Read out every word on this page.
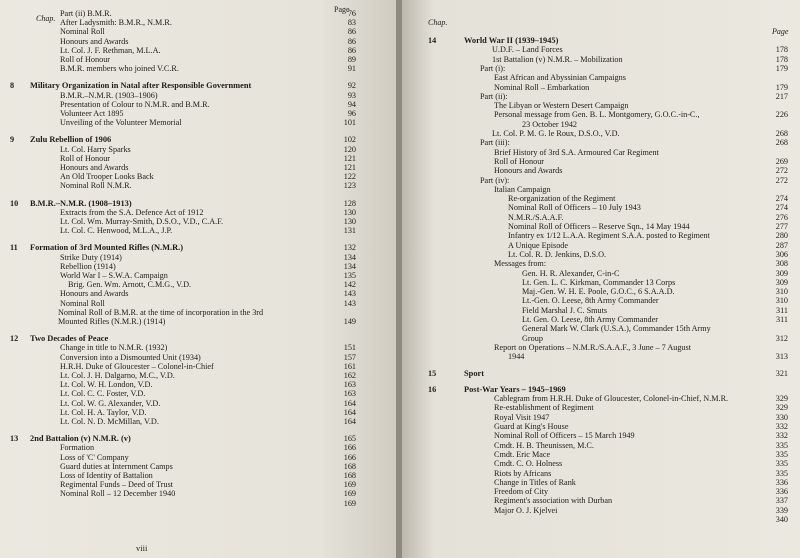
Chap.
Page
viii
Part (ii) B.M.R.	76
After Ladysmith: B.M.R., N.M.R.	83
Nominal Roll	86
Honours and Awards	86
Lt. Col. J. F. Rethman, M.L.A.	86
Roll of Honour	89
B.M.R. members who joined V.C.R.	91
8 Military Organization in Natal after Responsible Government	92
B.M.R.–N.M.R. (1903–1906)	93
Presentation of Colour to N.M.R. and B.M.R.	94
Volunteer Act 1895	96
Unveiling of the Volunteer Memorial	101
9 Zulu Rebellion of 1906	102
Lt. Col. Harry Sparks	120
Roll of Honour	121
Honours and Awards	121
An Old Trooper Looks Back	122
Nominal Roll N.M.R.	123
10 B.M.R.–N.M.R. (1908–1913)	128
Extracts from the S.A. Defence Act of 1912	130
Lt. Col. Wm. Murray-Smith, D.S.O., V.D., C.A.F.	130
Lt. Col. C. Henwood, M.L.A., J.P.	131
11 Formation of 3rd Mounted Rifles (N.M.R.)	132
Strike Duty (1914)	134
Rebellion (1914)	134
World War I – S.W.A. Campaign	135
Brig. Gen. Wm. Arnott, C.M.G., V.D.	142
Honours and Awards	143
Nominal Roll	143
Nominal Roll of B.M.R. at the time of incorporation in the 3rd
Mounted Rifles (N.M.R.) (1914)	149
12 Two Decades of Peace
Change in title to N.M.R. (1932)	151
Conversion into a Dismounted Unit (1934)	157
H.R.H. Duke of Gloucester – Colonel-in-Chief	161
Lt. Col. J. H. Dalgarno, M.C., V.D.	162
Lt. Col. W. H. London, V.D.	163
Lt. Col. C. C. Foster, V.D.	163
Lt. Col. W. G. Alexander, V.D.	164
Lt. Col. H. A. Taylor, V.D.	164
Lt. Col. N. D. McMillan, V.D.	164
13 2nd Battalion (v) N.M.R. (v)	165
Formation	166
Loss of 'C' Company	166
Guard duties at Internment Camps	168
Loss of Identity of Battalion	168
Regimental Funds – Deed of Trust	169
Nominal Roll – 12 December 1940	169
169
Chap.
Page
14	World War II (1939–1945)
U.D.F. – Land Forces	178
1st Battalion (v) N.M.R. – Mobilization	178
Part (i):	179
East African and Abyssinian Campaigns
Nominal Roll – Embarkation	179
Part (ii):	217
The Libyan or Western Desert Campaign
Personal message from Gen. B. L. Montgomery, G.O.C.-in-C.,	226
23 October 1942
Lt. Col. P. M. G. le Roux, D.S.O., V.D.	268
Part (iii):	268
Brief History of 3rd S.A. Armoured Car Regiment
Roll of Honour	269
Honours and Awards	272
Part (iv):	272
Italian Campaign
Re-organization of the Regiment	274
Nominal Roll of Officers – 10 July 1943	274
N.M.R./S.A.A.F.	276
Nominal Roll of Officers – Reserve Sqn., 14 May 1944	277
Infantry ex 1/12 L.A.A. Regiment S.A.A. posted to Regiment	280
A Unique Episode	287
Lt. Col. R. D. Jenkins, D.S.O.	306
Messages from:	308
Gen. H. R. Alexander, C-in-C	309
Lt. Gen. L. C. Kirkman, Commander 13 Corps	309
Maj.-Gen. W. H. E. Poole, G.O.C., 6 S.A.A.D.	310
Lt.-Gen. O. Leese, 8th Army Commander	310
Field Marshal J. C. Smuts	311
Lt. Gen. O. Leese, 8th Army Commander	311
General Mark W. Clark (U.S.A.), Commander 15th Army
Group	312
Report on Operations – N.M.R./S.A.A.F., 3 June – 7 August
1944	313
15	Sport	321
16	Post-War Years – 1945–1969
Cablegram from H.R.H. Duke of Gloucester, Colonel-in-Chief, N.M.R.	329
Re-establishment of Regiment	329
Royal Visit 1947	330
Guard at King's House	332
Nominal Roll of Officers – 15 March 1949	332
Cmdt. H. B. Theunissen, M.C.	335
Cmdt. Eric Mace	335
Cmdt. C. O. Holness	335
Riots by Africans	335
Change in Titles of Rank	336
Freedom of City	336
Regiment's association with Durban	337
Major O. J. Kjelvei	339
340
